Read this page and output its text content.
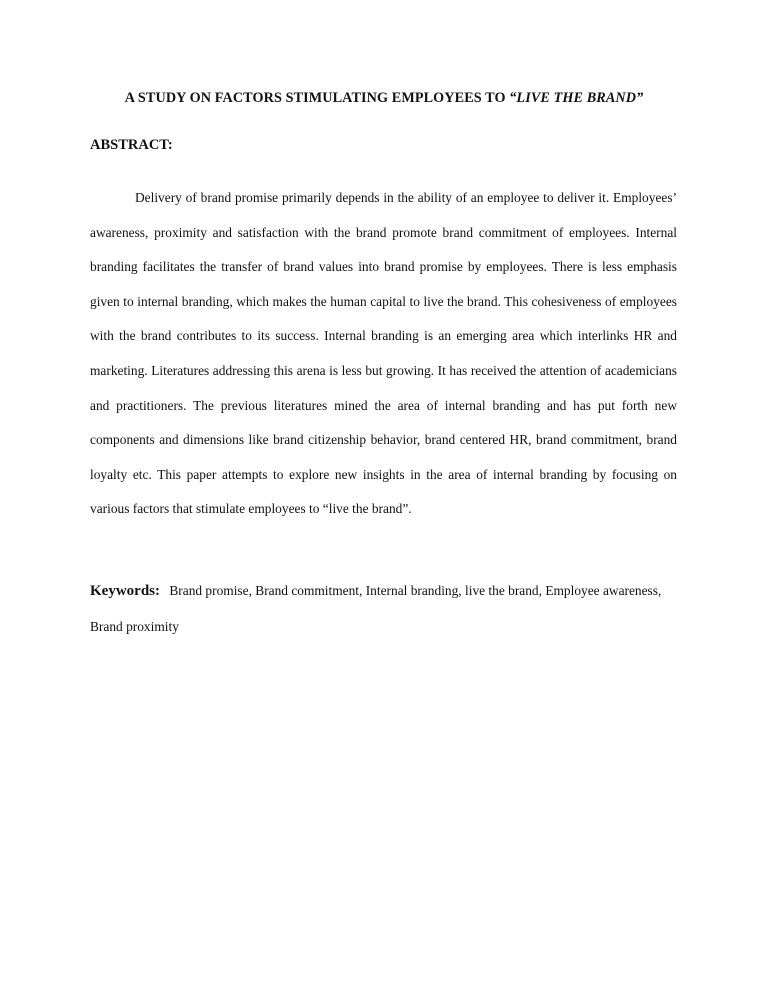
A STUDY ON FACTORS STIMULATING EMPLOYEES TO “LIVE THE BRAND”
ABSTRACT:

Delivery of brand promise primarily depends in the ability of an employee to deliver it. Employees’ awareness, proximity and satisfaction with the brand promote brand commitment of employees. Internal branding facilitates the transfer of brand values into brand promise by employees. There is less emphasis given to internal branding, which makes the human capital to live the brand. This cohesiveness of employees with the brand contributes to its success. Internal branding is an emerging area which interlinks HR and marketing. Literatures addressing this arena is less but growing. It has received the attention of academicians and practitioners. The previous literatures mined the area of internal branding and has put forth new components and dimensions like brand citizenship behavior, brand centered HR, brand commitment, brand loyalty etc. This paper attempts to explore new insights in the area of internal branding by focusing on various factors that stimulate employees to “live the brand”.

Keywords: Brand promise, Brand commitment, Internal branding, live the brand, Employee awareness, Brand proximity
